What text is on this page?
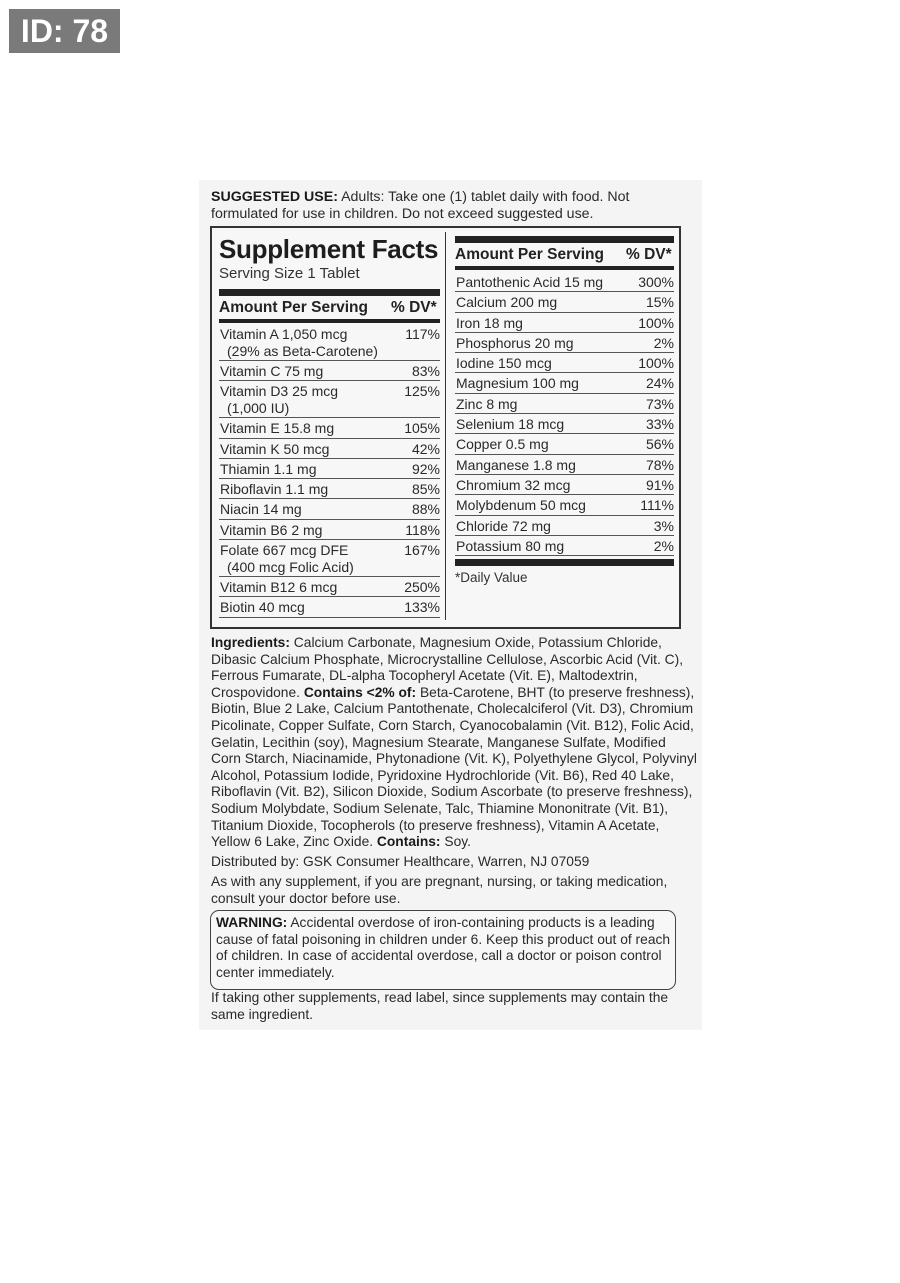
ID: 78
SUGGESTED USE: Adults: Take one (1) tablet daily with food. Not formulated for use in children. Do not exceed suggested use.
Supplement Facts
Serving Size 1 Tablet
Amount Per Serving % DV*
Vitamin A 1,050 mcg
(29% as Beta-Carotene)
117%
Vitamin C 75 mg	83%
Vitamin D3 25 mcg
(1,000 IU)
125%
Vitamin E 15.8 mg	105%
Vitamin K 50 mcg	42%
Thiamin 1.1 mg	92%
Riboflavin 1.1 mg	85%
Niacin 14 mg	88%
Vitamin B6 2 mg	118%
Folate 667 mcg DFE
(400 mcg Folic Acid)
167%
Vitamin B12 6 mcg	250%
Biotin 40 mcg	133%
Amount Per Serving % DV*
Pantothenic Acid 15 mg	300%
Calcium 200 mg	15%
Iron 18 mg	100%
Phosphorus 20 mg	2%
Iodine 150 mcg	100%
Magnesium 100 mg	24%
Zinc 8 mg	73%
Selenium 18 mcg	33%
Copper 0.5 mg	56%
Manganese 1.8 mg	78%
Chromium 32 mcg	91%
Molybdenum 50 mcg	111%
Chloride 72 mg	3%
Potassium 80 mg	2%
*Daily Value
Ingredients: Calcium Carbonate, Magnesium Oxide, Potassium Chloride, Dibasic Calcium Phosphate, Microcrystalline Cellulose, Ascorbic Acid (Vit. C), Ferrous Fumarate, DL-alpha Tocopheryl Acetate (Vit. E), Maltodextrin, Crospovidone. Contains <2% of: Beta-Carotene, BHT (to preserve freshness), Biotin, Blue 2 Lake, Calcium Pantothenate, Cholecalciferol (Vit. D3), Chromium Picolinate, Copper Sulfate, Corn Starch, Cyanocobalamin (Vit. B12), Folic Acid, Gelatin, Lecithin (soy), Magnesium Stearate, Manganese Sulfate, Modified Corn Starch, Niacinamide, Phytonadione (Vit. K), Polyethylene Glycol, Polyvinyl Alcohol, Potassium Iodide, Pyridoxine Hydrochloride (Vit. B6), Red 40 Lake, Riboflavin (Vit. B2), Silicon Dioxide, Sodium Ascorbate (to preserve freshness), Sodium Molybdate, Sodium Selenate, Talc, Thiamine Mononitrate (Vit. B1), Titanium Dioxide, Tocopherols (to preserve freshness), Vitamin A Acetate, Yellow 6 Lake, Zinc Oxide. Contains: Soy.
Distributed by: GSK Consumer Healthcare, Warren, NJ 07059
As with any supplement, if you are pregnant, nursing, or taking medication, consult your doctor before use.
WARNING: Accidental overdose of iron-containing products is a leading cause of fatal poisoning in children under 6. Keep this product out of reach of children. In case of accidental overdose, call a doctor or poison control center immediately.
If taking other supplements, read label, since supplements may contain the same ingredient.
